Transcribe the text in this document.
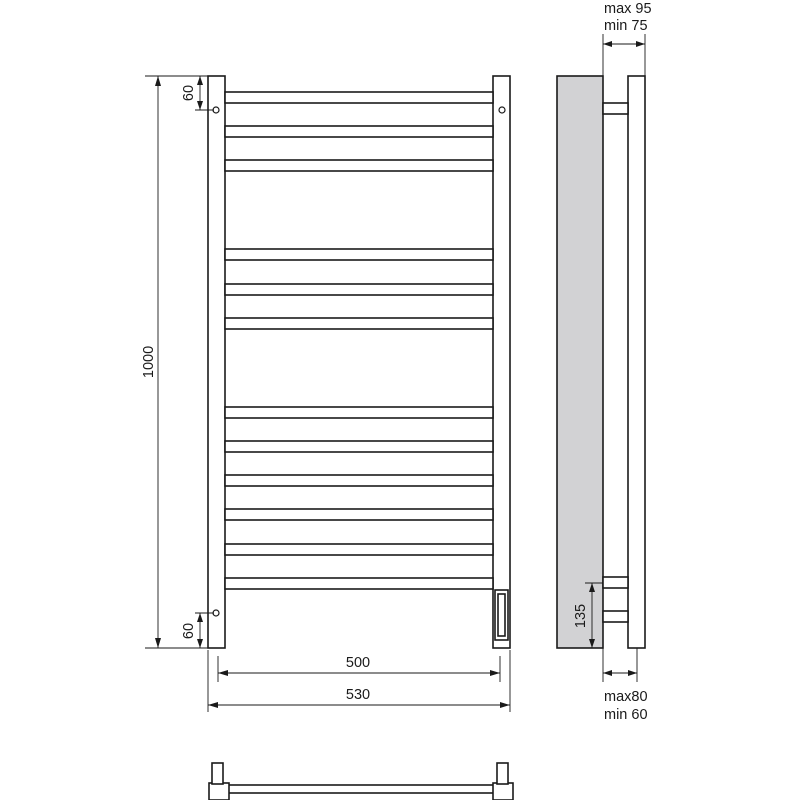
1000
60
60
500
530
max 95
min 75
max80
min 60
135
